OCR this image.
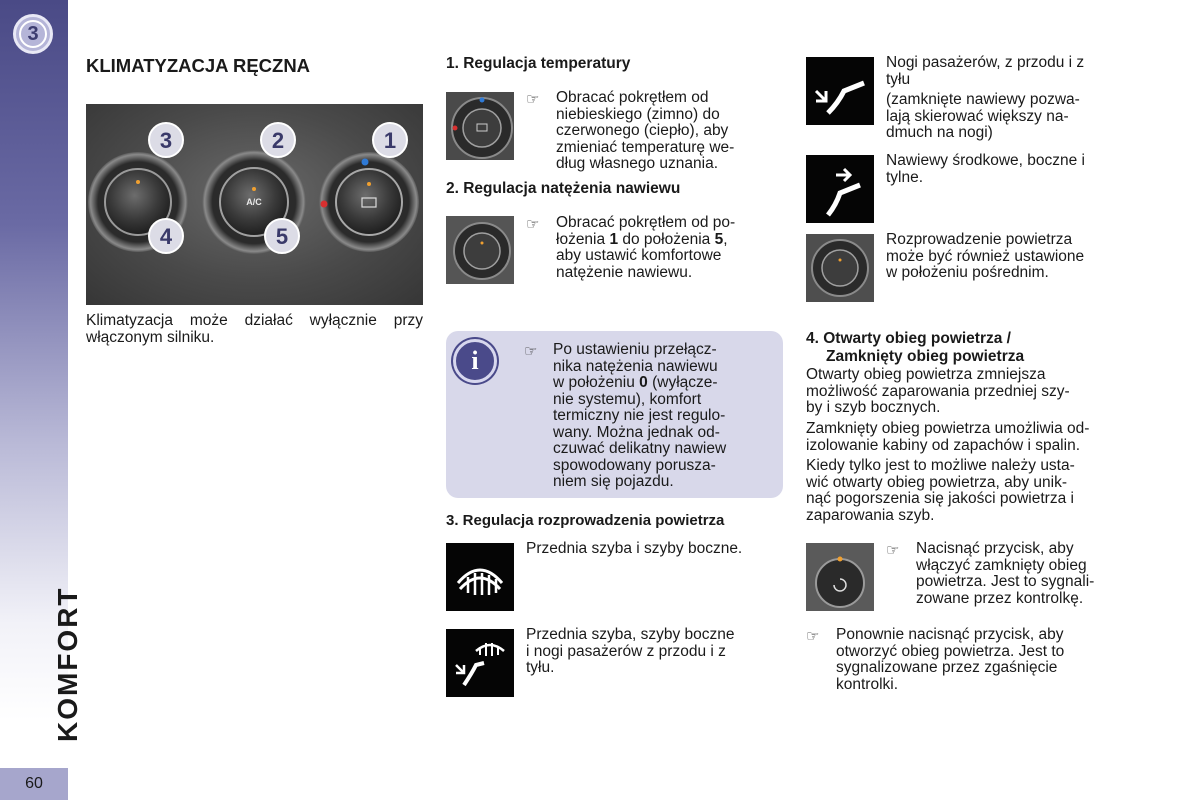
3
KOMFORT
60
KLIMATYZACJA RĘCZNA
A/C
3	2	1
4	5
Klimatyzacja może działać wyłącznie przy włączonym silniku.
1. Regulacja temperatury
☞ Obracać pokrętłem od
niebieskiego (zimno) do
czerwonego (ciepło), aby
zmieniać temperaturę we-
dług własnego uznania.
2. Regulacja natężenia nawiewu
☞ Obracać pokrętłem od po-
łożenia 1 do położenia 5,
aby ustawić komfortowe
natężenie nawiewu.
i	☞ Po ustawieniu przełącz-
nika natężenia nawiewu
w położeniu 0 (wyłącze-
nie systemu), komfort
termiczny nie jest regulo-
wany. Można jednak od-
czuwać delikatny nawiew
spowodowany porusza-
niem się pojazdu.
3. Regulacja rozprowadzenia powietrza
Przednia szyba i szyby boczne.
Przednia szyba, szyby boczne
i nogi pasażerów z przodu i z
tyłu.
Nogi pasażerów, z przodu i z
tyłu
(zamknięte nawiewy pozwa-
lają skierować większy na-
dmuch na nogi)
Nawiewy środkowe, boczne i
tylne.
Rozprowadzenie powietrza
może być również ustawione
w położeniu pośrednim.
4. Otwarty obieg powietrza /
Zamknięty obieg powietrza
Otwarty obieg powietrza zmniejsza
możliwość zaparowania przedniej szy-
by i szyb bocznych.
Zamknięty obieg powietrza umożliwia od-
izolowanie kabiny od zapachów i spalin.
Kiedy tylko jest to możliwe należy usta-
wić otwarty obieg powietrza, aby unik-
nąć pogorszenia się jakości powietrza i
zaparowania szyb.
☞ Nacisnąć przycisk, aby
włączyć zamknięty obieg
powietrza. Jest to sygnali-
zowane przez kontrolkę.
☞ Ponownie nacisnąć przycisk, aby
otworzyć obieg powietrza. Jest to
sygnalizowane przez zgaśnięcie
kontrolki.
